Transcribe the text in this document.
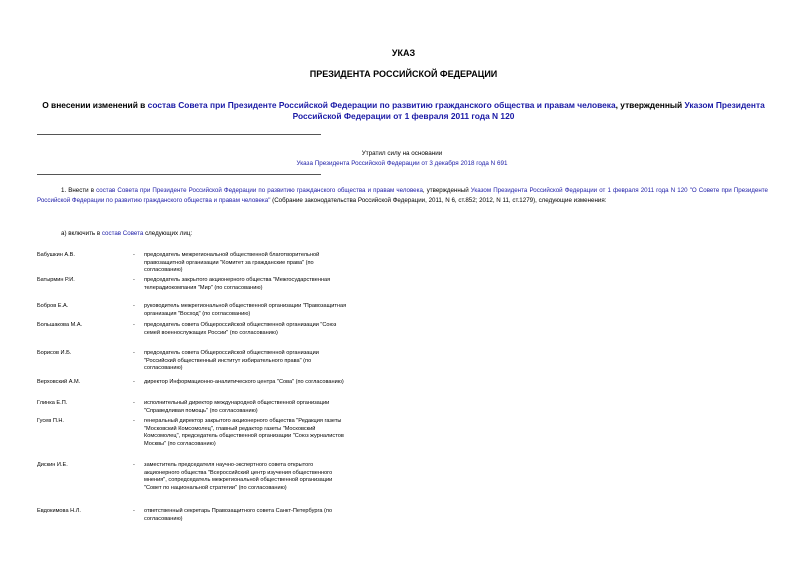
УКАЗ
ПРЕЗИДЕНТА РОССИЙСКОЙ ФЕДЕРАЦИИ
О внесении изменений в состав Совета при Президенте Российской Федерации по развитию гражданского общества и правам человека, утвержденный Указом Президента Российской Федерации от 1 февраля 2011 года N 120
Утратил силу на основании
Указа Президента Российской Федерации от 3 декабря 2018 года N 691
1. Внести в состав Совета при Президенте Российской Федерации по развитию гражданского общества и правам человека, утвержденный Указом Президента Российской Федерации от 1 февраля 2011 года N 120 "О Совете при Президенте Российской Федерации по развитию гражданского общества и правам человека" (Собрание законодательства Российской Федерации, 2011, N 6, ст.852; 2012, N 11, ст.1279), следующие изменения:
а) включить в состав Совета следующих лиц:
Бабушкин А.В.	- председатель межрегиональной общественной благотворительной правозащитной организации "Комитет за гражданские права" (по согласованию)
Батырмин Р.И.	- председатель закрытого акционерного общества "Межгосударственная телерадиокомпания "Мир" (по согласованию)
Бобров Е.А.	- руководитель межрегиональной общественной организации "Правозащитная организация "Восход" (по согласованию)
Большакова М.А.	- председатель совета Общероссийской общественной организации "Союз семей военнослужащих России" (по согласованию)
Борисов И.Б.	- председатель совета Общероссийской общественной организации "Российский общественный институт избирательного права" (по согласованию)
Верховский А.М.	- директор Информационно-аналитического центра "Сова" (по согласованию)
Глинка Е.П.	- исполнительный директор международной общественной организации "Справедливая помощь" (по согласованию)
Гусев П.Н.	- генеральный директор закрытого акционерного общества "Редакция газеты "Московский Комсомолец", главный редактор газеты "Московский Комсомолец", председатель общественной организации "Союз журналистов Москвы" (по согласованию)
Дискин И.Е.	- заместитель председателя научно-экспертного совета открытого акционерного общества "Всероссийский центр изучения общественного мнения", сопредседатель межрегиональной общественной организации "Совет по национальной стратегии" (по согласованию)
Евдокимова Н.Л.	- ответственный секретарь Правозащитного совета Санкт-Петербурга (по согласованию)
